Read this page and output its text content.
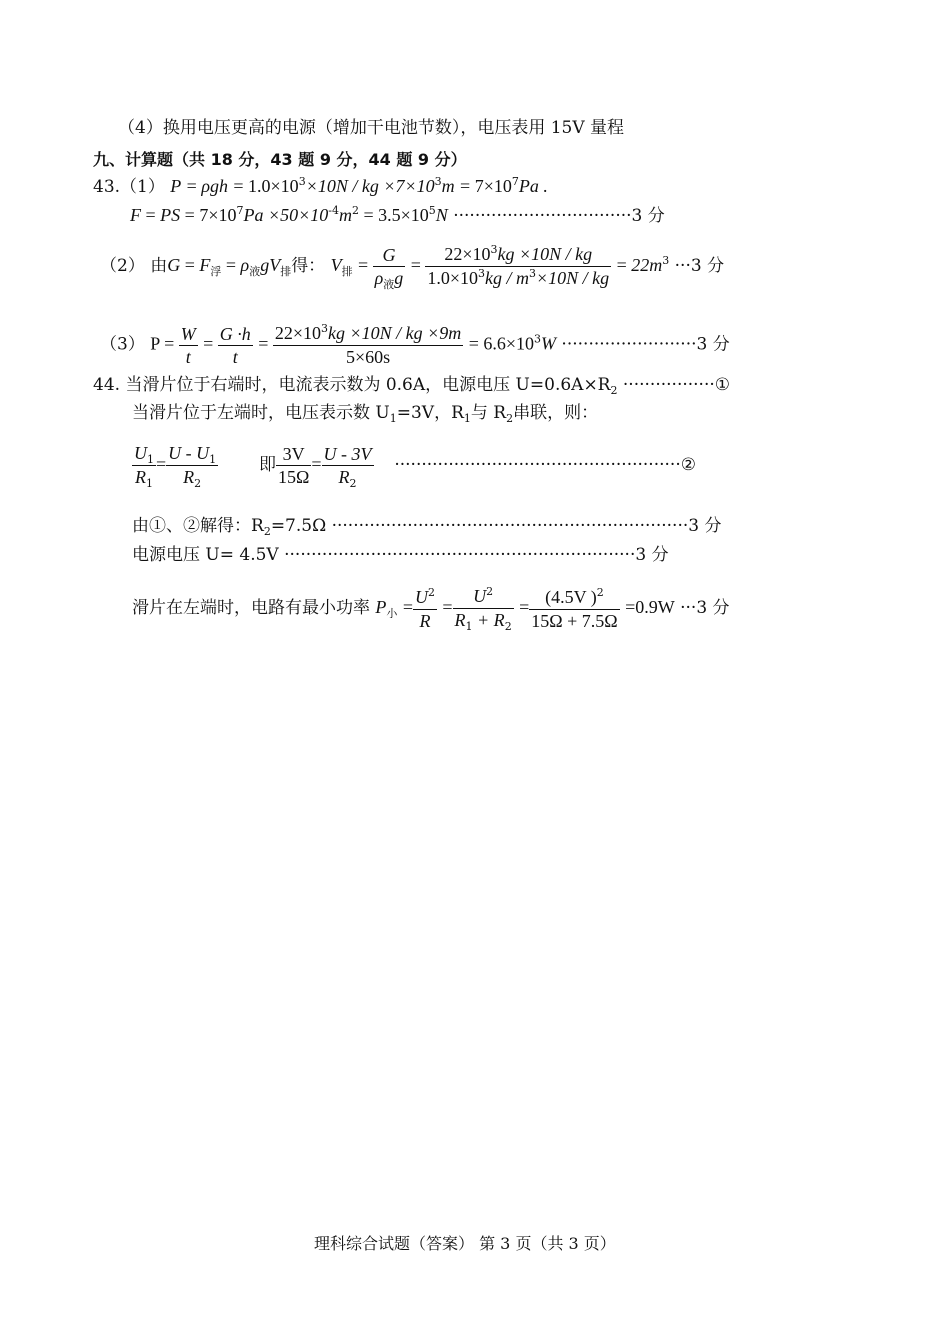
（4）换用电压更高的电源（增加干电池节数），电压表用 15V 量程
九、计算题（共 18 分，43 题 9 分，44 题 9 分）
43.（1） $P = \rho gh = 1.0\times 10^3\times 10N$ / kg $\times 7\times 10^3m = 7\times 10^7Pa$ .
F = PS = $7\times 10^7Pa \times 50\times 10^{-4}m^2 = 3.5\times 10^5N \cdot\cdot\cdot\cdot\cdot\cdot\cdot\cdot\cdot\cdot\cdot\cdot\cdot\cdot\cdot\cdot\cdot\cdot\cdot\cdot\cdot\cdot\cdot\cdot\cdot\cdot\cdot\cdot\cdot\cdot\cdot\cdot\cdot 3$ 分
（2） 由$G = F_浮 = \rho_液gV_排$得： $V_排 = \frac{G}{\rho_液g} = \frac{22\times 10^3kg \times 10N / kg}{1.0\times 10^3kg / m^3\times 10N / kg} = 22m^3 \cdot\cdot\cdot 3$ 分
（3） $P = \frac{W}{t} = \frac{G \cdot h}{t} = \frac{22\times 10^3kg \times 10N / kg \times 9m}{5\times 60s} = 6.6\times 10^3W \cdot\cdot\cdot\cdot\cdot\cdot\cdot\cdot\cdot\cdot\cdot\cdot\cdot\cdot\cdot\cdot\cdot\cdot\cdot\cdot\cdot\cdot\cdot\cdot\cdot 3$ 分
44. 当滑片位于右端时，电流表示数为 0.6A，电源电压 $U=0.6A\times R_2$ ·················①
当滑片位于左端时，电压表示数 $U_1=3V$，$R_1$与 $R_2$串联，则：
$\frac{U_1}{R_1} = \frac{U - U_1}{R_2}$ 即 $\frac{3V}{15\Omega} = \frac{U - 3V}{R_2}$ ·····················································②
由①、②解得：$R_2=7.5\Omega \cdot\cdot\cdot\cdot\cdot\cdot\cdot\cdot\cdot\cdot\cdot\cdot\cdot\cdot\cdot\cdot\cdot\cdot\cdot\cdot\cdot\cdot\cdot\cdot\cdot\cdot\cdot\cdot\cdot\cdot\cdot\cdot\cdot\cdot\cdot\cdot\cdot\cdot\cdot\cdot\cdot\cdot\cdot\cdot\cdot\cdot\cdot\cdot\cdot\cdot\cdot\cdot\cdot\cdot\cdot\cdot\cdot\cdot\cdot\cdot\cdot\cdot\cdot\cdot\cdot\cdot 3$ 分
电源电压 U= 4.5V ·································································3 分
滑片在左端时，电路有最小功率 $P_小 = \frac{U^2}{R} = \frac{U^2}{R_1 + R_2} = \frac{(4.5V )^2}{15\Omega + 7.5\Omega} =0.9W \cdot\cdot\cdot 3$ 分
理科综合试题（答案） 第 3 页（共 3 页）
